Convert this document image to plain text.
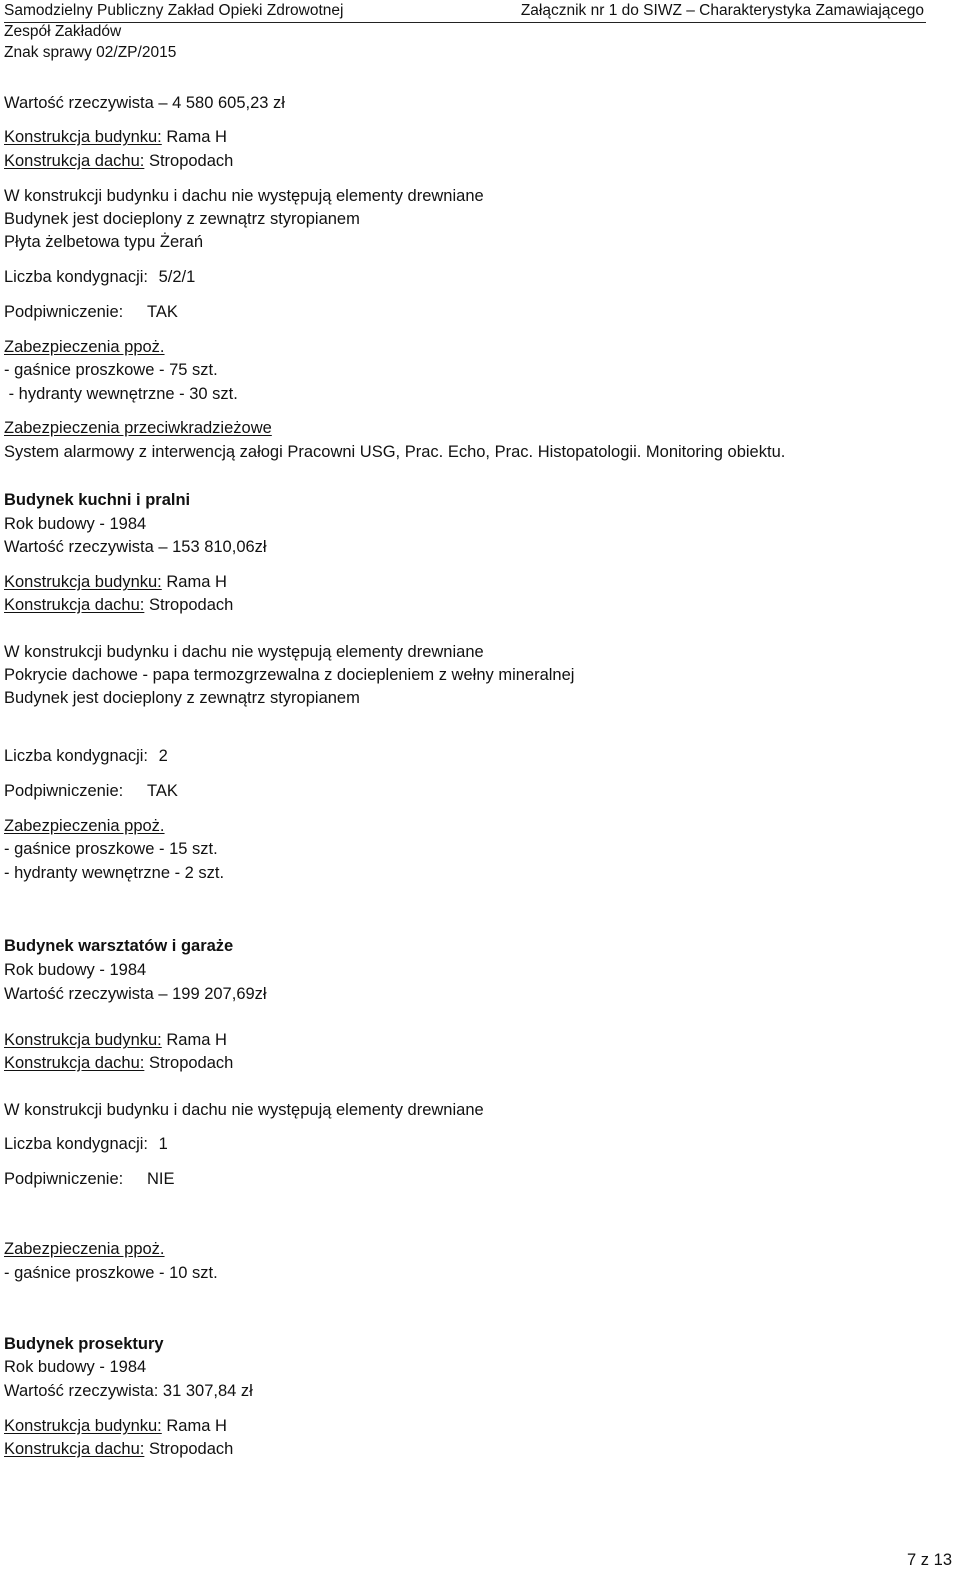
Samodzielny Publiczny Zakład Opieki Zdrowotnej	Załącznik nr 1 do SIWZ – Charakterystyka Zamawiającego
Zespół Zakładów
Znak sprawy 02/ZP/2015
Wartość rzeczywista – 4 580 605,23 zł
Konstrukcja budynku: Rama H
Konstrukcja dachu: Stropodach
W konstrukcji budynku i dachu nie występują elementy drewniane
Budynek jest docieplony z zewnątrz styropianem
Płyta żelbetowa typu Żerań
Liczba kondygnacji: 5/2/1
Podpiwniczenie: TAK
Zabezpieczenia ppoż.
- gaśnice proszkowe - 75 szt.
- hydranty wewnętrzne - 30 szt.
Zabezpieczenia przeciwkradzieżowe
System alarmowy z interwencją załogi Pracowni USG, Prac. Echo, Prac. Histopatologii. Monitoring obiektu.
Budynek kuchni i pralni
Rok budowy - 1984
Wartość rzeczywista – 153 810,06zł
Konstrukcja budynku: Rama H
Konstrukcja dachu: Stropodach
W konstrukcji budynku i dachu nie występują elementy drewniane
Pokrycie dachowe - papa termozgrzewalna z dociepleniem z wełny mineralnej
Budynek jest docieplony z zewnątrz styropianem
Liczba kondygnacji: 2
Podpiwniczenie: TAK
Zabezpieczenia ppoż.
- gaśnice proszkowe - 15 szt.
- hydranty wewnętrzne - 2 szt.
Budynek warsztatów i garaże
Rok budowy - 1984
Wartość rzeczywista – 199 207,69zł
Konstrukcja budynku: Rama H
Konstrukcja dachu: Stropodach
W konstrukcji budynku i dachu nie występują elementy drewniane
Liczba kondygnacji: 1
Podpiwniczenie: NIE
Zabezpieczenia ppoż.
- gaśnice proszkowe - 10 szt.
Budynek prosektury
Rok budowy - 1984
Wartość rzeczywista: 31 307,84 zł
Konstrukcja budynku: Rama H
Konstrukcja dachu: Stropodach
7 z 13
